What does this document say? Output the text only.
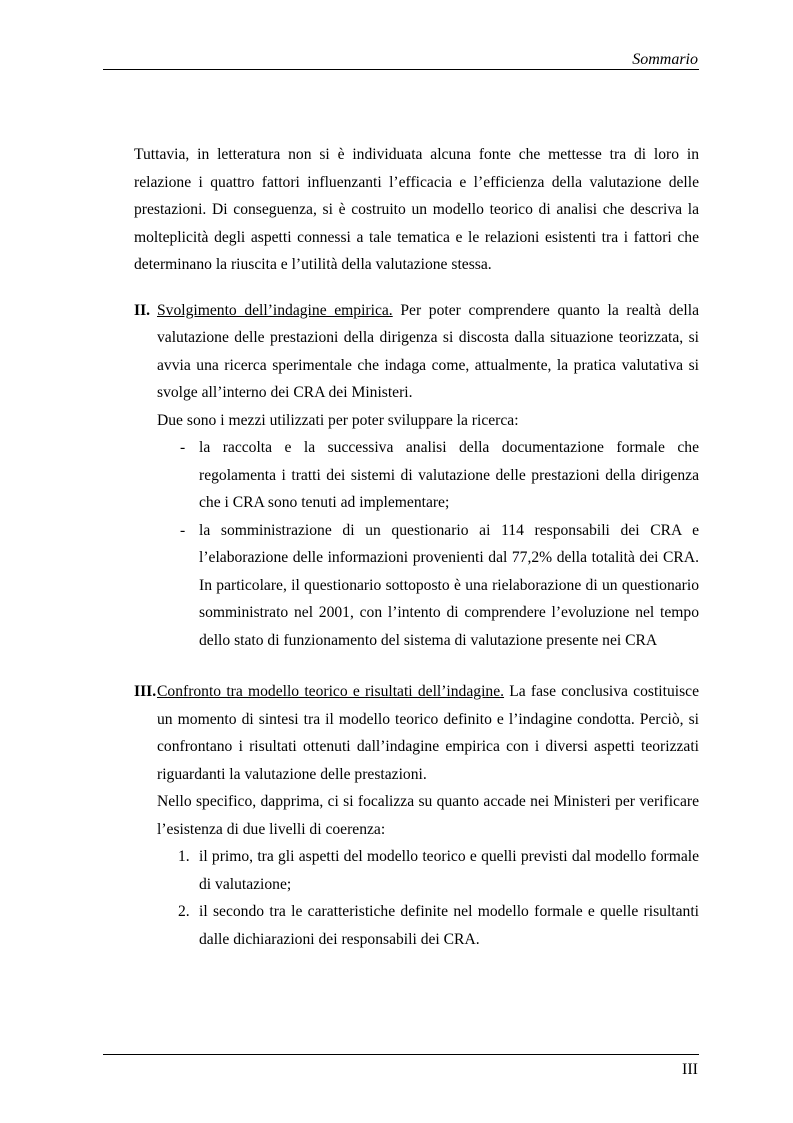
Sommario

Tuttavia, in letteratura non si è individuata alcuna fonte che mettesse tra di loro in relazione i quattro fattori influenzanti l’efficacia e l’efficienza della valutazione delle prestazioni. Di conseguenza, si è costruito un modello teorico di analisi che descriva la molteplicità degli aspetti connessi a tale tematica e le relazioni esistenti tra i fattori che determinano la riuscita e l’utilità della valutazione stessa.

II. Svolgimento dell’indagine empirica. Per poter comprendere quanto la realtà della valutazione delle prestazioni della dirigenza si discosta dalla situazione teorizzata, si avvia una ricerca sperimentale che indaga come, attualmente, la pratica valutativa si svolge all’interno dei CRA dei Ministeri.

Due sono i mezzi utilizzati per poter sviluppare la ricerca:

- la raccolta e la successiva analisi della documentazione formale che regolamenta i tratti dei sistemi di valutazione delle prestazioni della dirigenza che i CRA sono tenuti ad implementare;
- la somministrazione di un questionario ai 114 responsabili dei CRA e l’elaborazione delle informazioni provenienti dal 77,2% della totalità dei CRA. In particolare, il questionario sottoposto è una rielaborazione di un questionario somministrato nel 2001, con l’intento di comprendere l’evoluzione nel tempo dello stato di funzionamento del sistema di valutazione presente nei CRA
III. Confronto tra modello teorico e risultati dell’indagine. La fase conclusiva costituisce un momento di sintesi tra il modello teorico definito e l’indagine condotta. Perciò, si confrontano i risultati ottenuti dall’indagine empirica con i diversi aspetti teorizzati riguardanti la valutazione delle prestazioni.

Nello specifico, dapprima, ci si focalizza su quanto accade nei Ministeri per verificare l’esistenza di due livelli di coerenza:

1. il primo, tra gli aspetti del modello teorico e quelli previsti dal modello formale di valutazione;
2. il secondo tra le caratteristiche definite nel modello formale e quelle risultanti dalle dichiarazioni dei responsabili dei CRA.
III
